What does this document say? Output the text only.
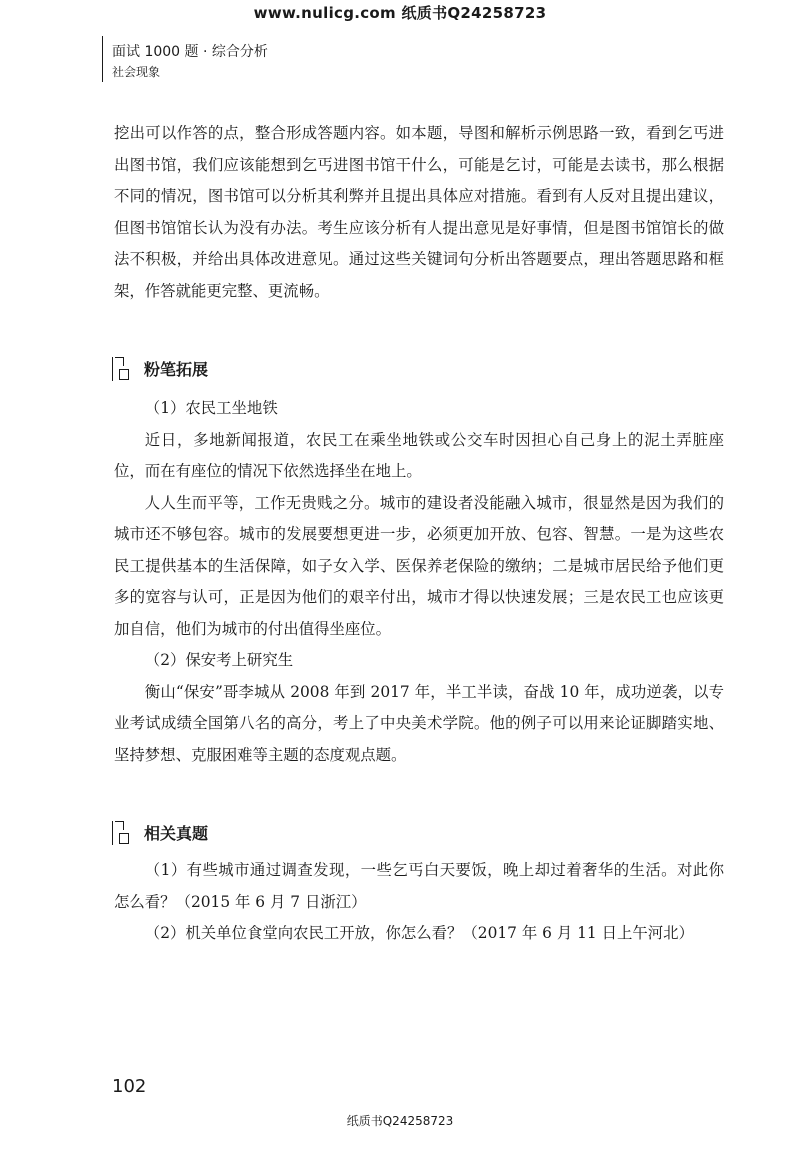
www.nulicg.com 纸质书Q24258723
面试 1000 题 · 综合分析
社会现象

挖出可以作答的点，整合形成答题内容。如本题，导图和解析示例思路一致，看到乞丐进出图书馆，我们应该能想到乞丐进图书馆干什么，可能是乞讨，可能是去读书，那么根据不同的情况，图书馆可以分析其利弊并且提出具体应对措施。看到有人反对且提出建议，但图书馆馆长认为没有办法。考生应该分析有人提出意见是好事情，但是图书馆馆长的做法不积极，并给出具体改进意见。通过这些关键词句分析出答题要点，理出答题思路和框架，作答就能更完整、更流畅。

粉笔拓展

（1）农民工坐地铁

近日，多地新闻报道，农民工在乘坐地铁或公交车时因担心自己身上的泥土弄脏座位，而在有座位的情况下依然选择坐在地上。

人人生而平等，工作无贵贱之分。城市的建设者没能融入城市，很显然是因为我们的城市还不够包容。城市的发展要想更进一步，必须更加开放、包容、智慧。一是为这些农民工提供基本的生活保障，如子女入学、医保养老保险的缴纳；二是城市居民给予他们更多的宽容与认可，正是因为他们的艰辛付出，城市才得以快速发展；三是农民工也应该更加自信，他们为城市的付出值得坐座位。

（2）保安考上研究生

衡山“保安”哥李城从 2008 年到 2017 年，半工半读，奋战 10 年，成功逆袭，以专业考试成绩全国第八名的高分，考上了中央美术学院。他的例子可以用来论证脚踏实地、坚持梦想、克服困难等主题的态度观点题。

相关真题

（1）有些城市通过调查发现，一些乞丐白天要饭，晚上却过着奢华的生活。对此你怎么看？（2015 年 6 月 7 日浙江）

（2）机关单位食堂向农民工开放，你怎么看？（2017 年 6 月 11 日上午河北）

102
纸质书Q24258723
